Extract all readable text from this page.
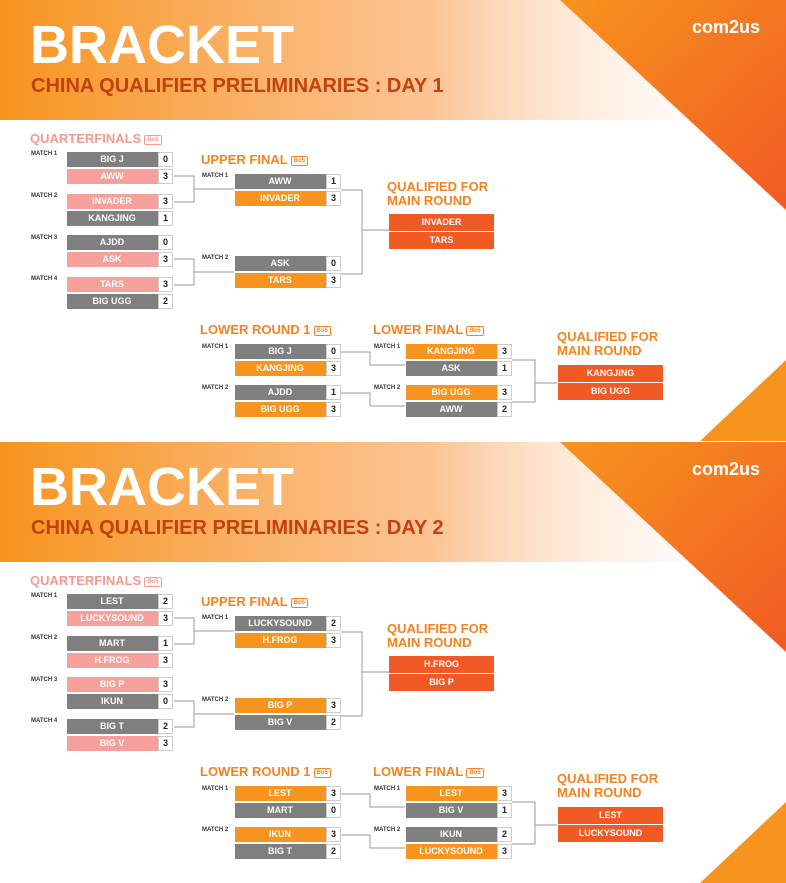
BRACKET
CHINA QUALIFIER PRELIMINARIES : DAY 1
com2us
QUARTERFINALS Bo5
UPPER FINAL Bo5
QUALIFIED FOR
MAIN ROUND
LOWER ROUND 1 Bo5	LOWER FINAL Bo5	QUALIFIED FOR
MAIN ROUND
MATCH 1	BIG J	0
AWW	3
MATCH 2	INVADER	3
KANGJING	1
MATCH 3	AJDD	0
ASK	3
MATCH 4	TARS	3
BIG UGG	2
MATCH 1	AWW	1
INVADER	3
MATCH 2	ASK	0
TARS	3
INVADER
TARS
MATCH 1	BIG J	0
KANGJING	3
MATCH 2	AJDD	1
BIG UGG	3
MATCH 1	KANGJING	3
ASK	1
MATCH 2	BIG UGG	3
AWW	2
KANGJING
BIG UGG
BRACKET
CHINA QUALIFIER PRELIMINARIES : DAY 2
com2us
QUARTERFINALS Bo5
UPPER FINAL Bo5
QUALIFIED FOR
MAIN ROUND
LOWER ROUND 1 Bo5	LOWER FINAL Bo5	QUALIFIED FOR
MAIN ROUND
MATCH 1	LEST	2
LUCKYSOUND	3
MATCH 2	MART	1
H.FROG	3
MATCH 3	BIG P	3
IKUN	0
MATCH 4	BIG T	2
BIG V	3
MATCH 1	LUCKYSOUND	2
H.FROG	3
MATCH 2	BIG P	3
BIG V	2
H.FROG
BIG P
MATCH 1	LEST	3
MART	0
MATCH 2	IKUN	3
BIG T	2
MATCH 1	LEST	3
BIG V	1
MATCH 2	IKUN	2
LUCKYSOUND	3
LEST
LUCKYSOUND
